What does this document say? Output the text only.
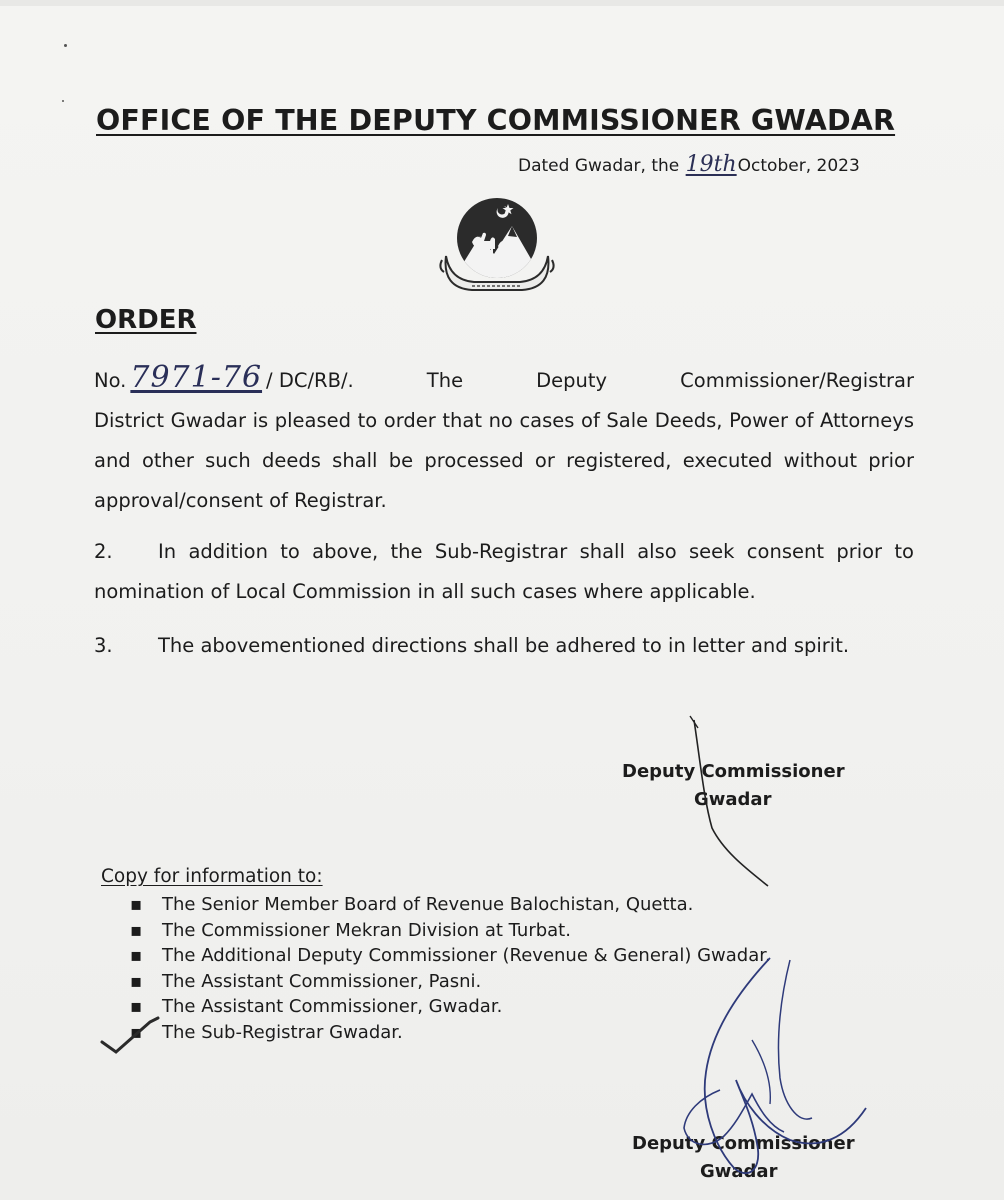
OFFICE OF THE DEPUTY COMMISSIONER GWADAR
Dated Gwadar, the 19thOctober, 2023
ORDER
No. 7971-76 / DC/RB/.	The	Deputy	Commissioner/Registrar
District Gwadar is pleased to order that no cases of Sale Deeds, Power of Attorneys and other such deeds shall be processed or registered, executed without prior approval/consent of Registrar.
2. In addition to above, the Sub-Registrar shall also seek consent prior to nomination of Local Commission in all such cases where applicable.
3. The abovementioned directions shall be adhered to in letter and spirit.
Deputy Commissioner
Gwadar
Copy for information to:
▪	The Senior Member Board of Revenue Balochistan, Quetta.
▪	The Commissioner Mekran Division at Turbat.
▪	The Additional Deputy Commissioner (Revenue & General) Gwadar.
▪	The Assistant Commissioner, Pasni.
▪	The Assistant Commissioner, Gwadar.
▪	The Sub-Registrar Gwadar.
Deputy Commissioner
Gwadar
